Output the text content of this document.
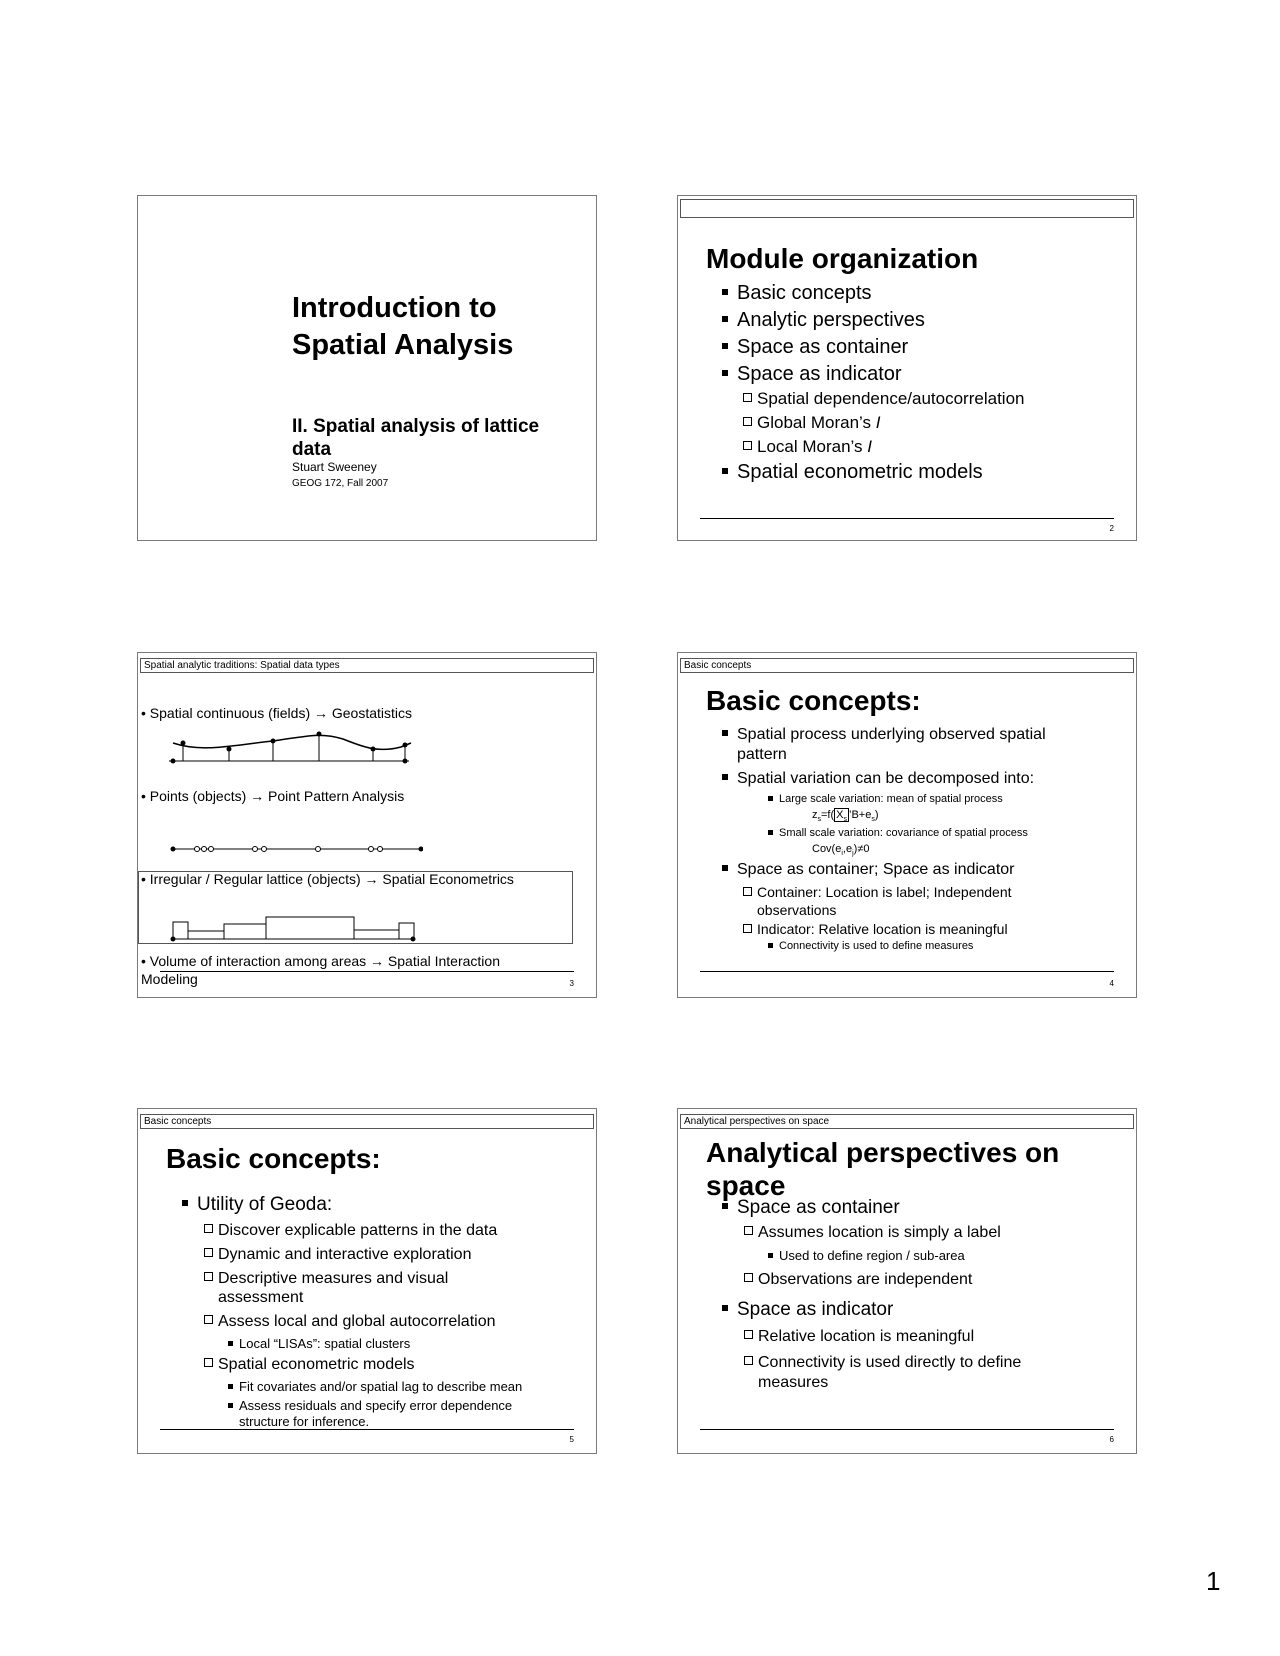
Introduction to
Spatial Analysis
II. Spatial analysis of lattice
data
Stuart Sweeney
GEOG 172, Fall 2007
Module organization
Basic concepts
Analytic perspectives
Space as container
Space as indicator
Spatial dependence/autocorrelation
Global Moran’s I
Local Moran’s I
Spatial econometric models
2
Spatial analytic traditions: Spatial data types
• Spatial continuous (fields) → Geostatistics
• Points (objects) → Point Pattern Analysis
• Irregular / Regular lattice (objects) → Spatial Econometrics
• Volume of interaction among areas → Spatial Interaction
Modeling	3
Basic concepts
Basic concepts:
Spatial process underlying observed spatial
pattern
Spatial variation can be decomposed into:
Large scale variation: mean of spatial process
$z_s=f$( $X_s$ $’B+e_s$)
Small scale variation: covariance of spatial process
$Cov(e_i,e_j)\ne 0$
Space as container; Space as indicator
Container: Location is label; Independent
observations
Indicator: Relative location is meaningful
Connectivity is used to define measures
4
Basic concepts
Basic concepts:
Utility of Geoda:
Discover explicable patterns in the data
Dynamic and interactive exploration
Descriptive measures and visual
assessment
Assess local and global autocorrelation
Local “LISAs”: spatial clusters
Spatial econometric models
Fit covariates and/or spatial lag to describe mean
Assess residuals and specify error dependence
structure for inference.
5
Analytical perspectives on space
Analytical perspectives on
space
Space as container
Assumes location is simply a label
Used to define region / sub-area
Observations are independent
Space as indicator
Relative location is meaningful
Connectivity is used directly to define
measures
6
1
